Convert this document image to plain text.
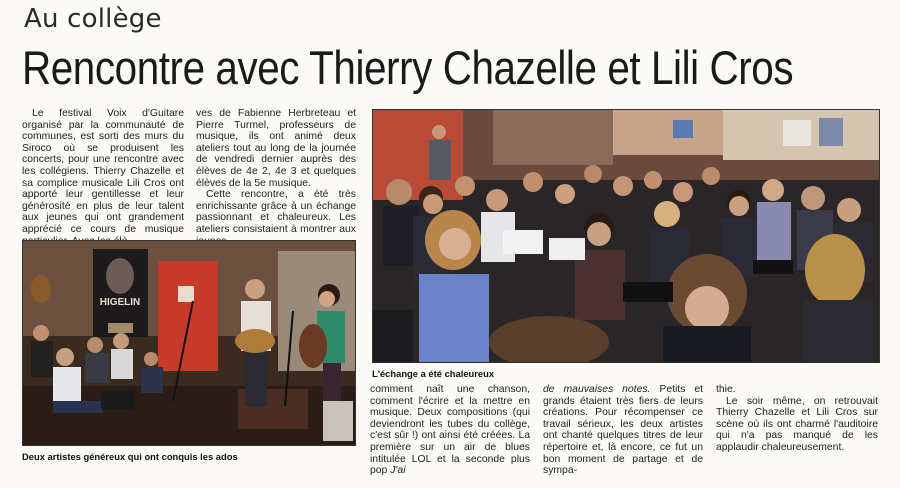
Au collège
Rencontre avec Thierry Chazelle et Lili Cros

Le festival Voix d'Guitare organisé par la communauté de communes, est sorti des murs du Siroco où se produisent les concerts, pour une rencontre avec les collégiens. Thierry Chazelle et sa complice musicale Lili Cros ont apporté leur gentillesse et leur générosité en plus de leur talent aux jeunes qui ont grandement apprécié ce cours de musique

ves de Fabienne Herbreteau et Pierre Turmel, professeurs de musique, ils ont animé deux ateliers tout au long de la journée de vendredi dernier auprès des élèves de 4e 2, 4e 3 et quelques élèves de la 5e musique.

Cette rencontre, a été très enrichissante grâce à un échange passionnant et chaleureux. Les ateliers consistaient à montrer aux

HIGELIN
Deux artistes généreux qui ont conquis les ados
L'échange a été chaleureux

comment naît une chanson, comment l'écrire et la mettre en musique. Deux compositions (qui deviendront les tubes du collège, c'est sûr !) ont ainsi été créées. La première sur un air de blues intitulée LOL et la seconde plus pop J'ai

de mauvaises notes. Petits et grands étaient très fiers de leurs créations. Pour récompenser ce travail sérieux, les deux artistes ont chanté quelques titres de leur répertoire et, là encore, ce fut un bon moment de partage et de sympa-

thie.

Le soir même, on retrouvait Thierry Chazelle et Lili Cros sur scène où ils ont charmé l'auditoire qui n'a pas manqué de les applaudir chaleureusement.
